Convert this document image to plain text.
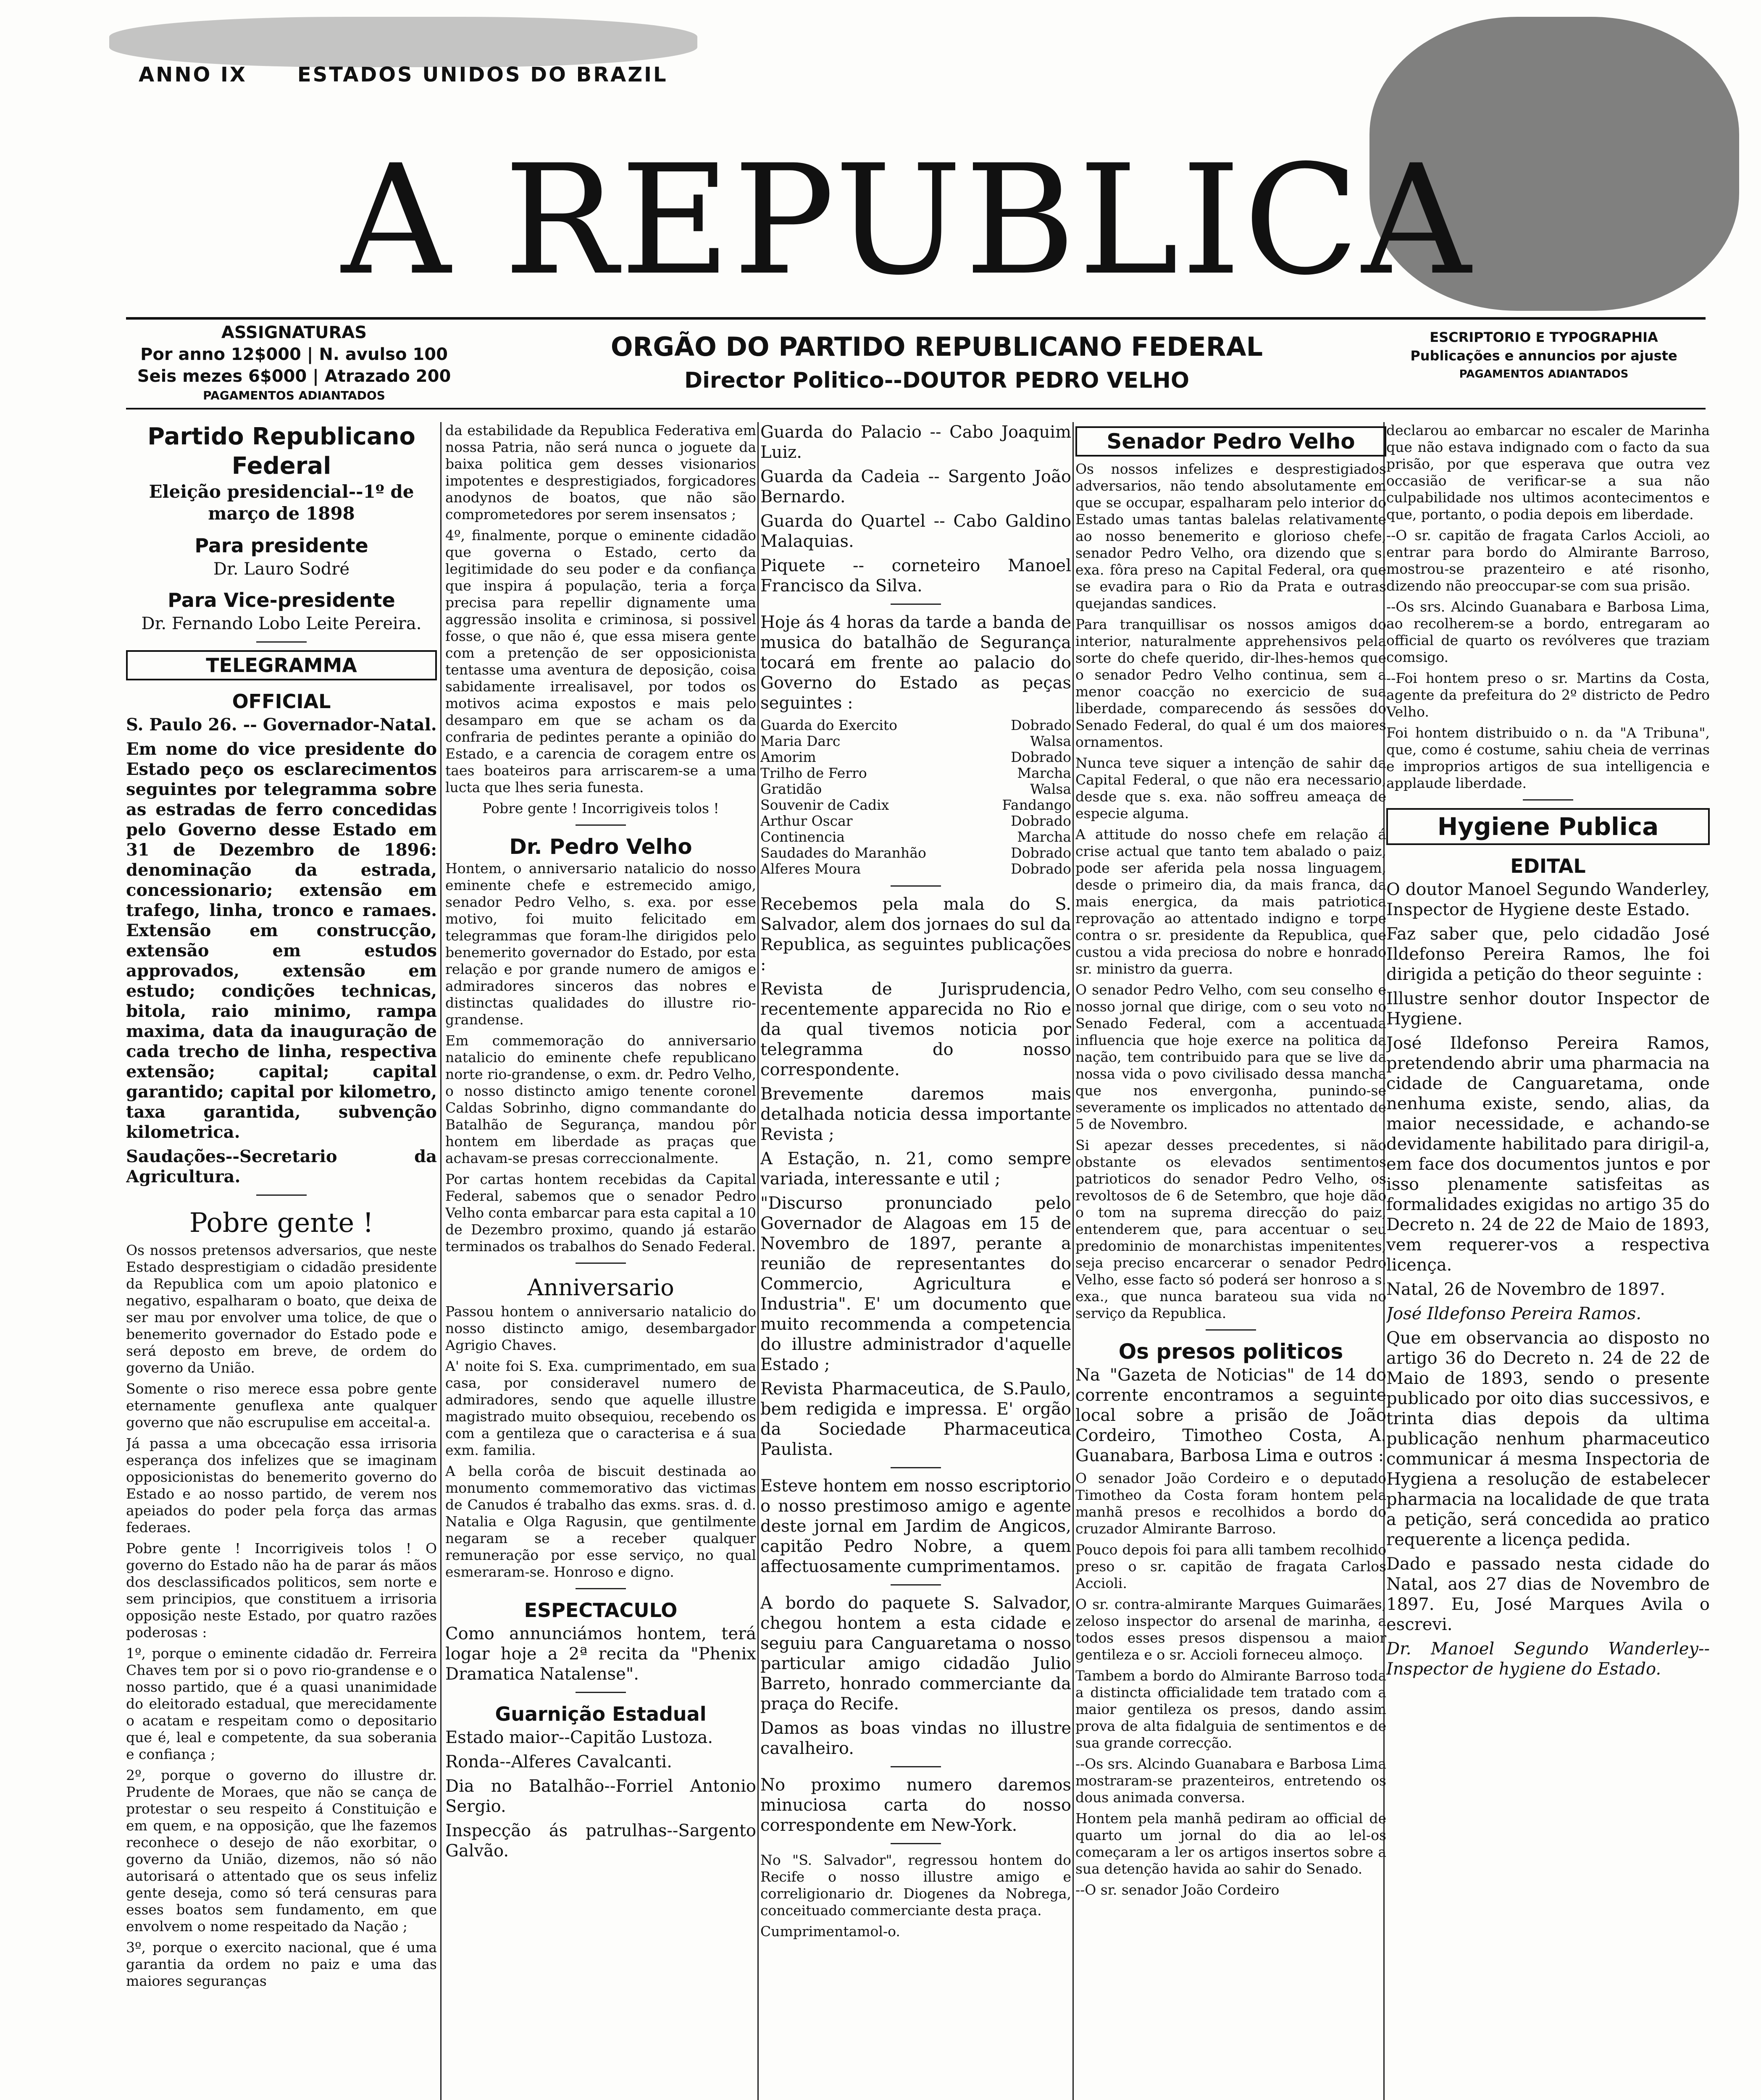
ANNO IX	ESTADOS UNIDOS DO BRAZIL
A REPUBLICA
ASSIGNATURAS
Por anno 12$000 | N. avulso 100
Seis mezes 6$000 | Atrazado 200
PAGAMENTOS ADIANTADOS
ORGÃO DO PARTIDO REPUBLICANO FEDERAL
Director Politico--DOUTOR PEDRO VELHO
ESCRIPTORIO E TYPOGRAPHIA
Publicações e annuncios por ajuste
PAGAMENTOS ADIANTADOS
Partido Republicano Federal
Eleição presidencial--1º de março de 1898
Para presidente
Dr. Lauro Sodré
Para Vice-presidente
Dr. Fernando Lobo Leite Pereira.
TELEGRAMMA
OFFICIAL

S. Paulo 26. -- Governador-Natal.

Em nome do vice presidente do Estado peço os esclarecimentos seguintes por telegramma sobre as estradas de ferro concedidas pelo Governo desse Estado em 31 de Dezembro de 1896: denominação da estrada, concessionario; extensão em trafego, linha, tronco e ramaes. Extensão em construcção, extensão em estudos approvados, extensão em estudo; condições technicas, bitola, raio minimo, rampa maxima, data da inauguração de cada trecho de linha, respectiva extensão; capital; capital garantido; capital por kilometro, taxa garantida, subvenção kilometrica.

Saudações--Secretario da Agricultura.

Pobre gente !

Os nossos pretensos adversarios, que neste Estado desprestigiam o cidadão presidente da Republica com um apoio platonico e negativo, espalharam o boato, que deixa de ser mau por envolver uma tolice, de que o benemerito governador do Estado pode e será deposto em breve, de ordem do governo da União.

Somente o riso merece essa pobre gente eternamente genuflexa ante qualquer governo que não escrupulise em acceital-a.

Já passa a uma obcecação essa irrisoria esperança dos infelizes que se imaginam opposicionistas do benemerito governo do Estado e ao nosso partido, de verem nos apeiados do poder pela força das armas federaes.

Pobre gente ! Incorrigiveis tolos ! O governo do Estado não ha de parar ás mãos dos desclassificados politicos, sem norte e sem principios, que constituem a irrisoria opposição neste Estado, por quatro razões poderosas :

1º, porque o eminente cidadão dr. Ferreira Chaves tem por si o povo rio-grandense e o nosso partido, que é a quasi unanimidade do eleitorado estadual, que merecidamente o acatam e respeitam como o depositario que é, leal e competente, da sua soberania e confiança ;

2º, porque o governo do illustre dr. Prudente de Moraes, que não se cança de protestar o seu respeito á Constituição e em quem, e na opposição, que lhe fazemos reconhece o desejo de não exorbitar, o governo da União, dizemos, não só não autorisará o attentado que os seus infeliz gente deseja, como só terá censuras para esses boatos sem fundamento, em que envolvem o nome respeitado da Nação ;

3º, porque o exercito nacional, que é uma garantia da ordem no paiz e uma das maiores seguranças

da estabilidade da Republica Federativa em nossa Patria, não será nunca o joguete da baixa politica gem desses visionarios impotentes e desprestigiados, forgicadores anodynos de boatos, que não são comprometedores por serem insensatos ;

4º, finalmente, porque o eminente cidadão que governa o Estado, certo da legitimidade do seu poder e da confiança que inspira á população, teria a força precisa para repellir dignamente uma aggressão insolita e criminosa, si possivel fosse, o que não é, que essa misera gente com a pretenção de ser opposicionista tentasse uma aventura de deposição, coisa sabidamente irrealisavel, por todos os motivos acima expostos e mais pelo desamparo em que se acham os da confraria de pedintes perante a opinião do Estado, e a carencia de coragem entre os taes boateiros para arriscarem-se a uma lucta que lhes seria funesta.

Pobre gente ! Incorrigiveis tolos !

Dr. Pedro Velho

Hontem, o anniversario natalicio do nosso eminente chefe e estremecido amigo, senador Pedro Velho, s. exa. por esse motivo, foi muito felicitado em telegrammas que foram-lhe dirigidos pelo benemerito governador do Estado, por esta relação e por grande numero de amigos e admiradores sinceros das nobres e distinctas qualidades do illustre rio-grandense.

Em commemoração do anniversario natalicio do eminente chefe republicano norte rio-grandense, o exm. dr. Pedro Velho, o nosso distincto amigo tenente coronel Caldas Sobrinho, digno commandante do Batalhão de Segurança, mandou pôr hontem em liberdade as praças que achavam-se presas correccionalmente.

Por cartas hontem recebidas da Capital Federal, sabemos que o senador Pedro Velho conta embarcar para esta capital a 10 de Dezembro proximo, quando já estarão terminados os trabalhos do Senado Federal.

Anniversario

Passou hontem o anniversario natalicio do nosso distincto amigo, desembargador Agrigio Chaves.

A' noite foi S. Exa. cumprimentado, em sua casa, por consideravel numero de admiradores, sendo que aquelle illustre magistrado muito obsequiou, recebendo os com a gentileza que o caracterisa e á sua exm. familia.

A bella corôa de biscuit destinada ao monumento commemorativo das victimas de Canudos é trabalho das exms. sras. d. d. Natalia e Olga Ragusin, que gentilmente negaram se a receber qualquer remuneração por esse serviço, no qual esmeraram-se. Honroso e digno.

ESPECTACULO

Como annunciámos hontem, terá logar hoje a 2ª recita da "Phenix Dramatica Natalense".

Guarnição Estadual

Estado maior--Capitão Lustoza.

Ronda--Alferes Cavalcanti.

Dia no Batalhão--Forriel Antonio Sergio.

Inspecção ás patrulhas--Sargento Galvão.

Guarda do Palacio -- Cabo Joaquim Luiz.

Guarda da Cadeia -- Sargento João Bernardo.

Guarda do Quartel -- Cabo Galdino Malaquias.

Piquete -- corneteiro Manoel Francisco da Silva.

Hoje ás 4 horas da tarde a banda de musica do batalhão de Segurança tocará em frente ao palacio do Governo do Estado as peças seguintes :

Guarda do Exercito	Dobrado
Maria Darc	Walsa
Amorim	Dobrado
Trilho de Ferro	Marcha
Gratidão	Walsa
Souvenir de Cadix	Fandango
Arthur Oscar	Dobrado
Continencia	Marcha
Saudades do Maranhão	Dobrado
Alferes Moura	Dobrado

Recebemos pela mala do S. Salvador, alem dos jornaes do sul da Republica, as seguintes publicações :

Revista de Jurisprudencia, recentemente apparecida no Rio e da qual tivemos noticia por telegramma do nosso correspondente.

Brevemente daremos mais detalhada noticia dessa importante Revista ;

A Estação, n. 21, como sempre variada, interessante e util ;

"Discurso pronunciado pelo Governador de Alagoas em 15 de Novembro de 1897, perante a reunião de representantes do Commercio, Agricultura e Industria". E' um documento que muito recommenda a competencia do illustre administrador d'aquelle Estado ;

Revista Pharmaceutica, de S.Paulo, bem redigida e impressa. E' orgão da Sociedade Pharmaceutica Paulista.

Esteve hontem em nosso escriptorio o nosso prestimoso amigo e agente deste jornal em Jardim de Angicos, capitão Pedro Nobre, a quem affectuosamente cumprimentamos.

A bordo do paquete S. Salvador, chegou hontem a esta cidade e seguiu para Canguaretama o nosso particular amigo cidadão Julio Barreto, honrado commerciante da praça do Recife.

Damos as boas vindas no illustre cavalheiro.

No proximo numero daremos minuciosa carta do nosso correspondente em New-York.

No "S. Salvador", regressou hontem do Recife o nosso illustre amigo e correligionario dr. Diogenes da Nobrega, conceituado commerciante desta praça.

Cumprimentamol-o.

Senador Pedro Velho

Os nossos infelizes e desprestigiados adversarios, não tendo absolutamente em que se occupar, espalharam pelo interior do Estado umas tantas balelas relativamente ao nosso benemerito e glorioso chefe, senador Pedro Velho, ora dizendo que s. exa. fôra preso na Capital Federal, ora que se evadira para o Rio da Prata e outras quejandas sandices.

Para tranquillisar os nossos amigos do interior, naturalmente apprehensivos pela sorte do chefe querido, dir-lhes-hemos que o senador Pedro Velho continua, sem a menor coacção no exercicio de sua liberdade, comparecendo ás sessões do Senado Federal, do qual é um dos maiores ornamentos.

Nunca teve siquer a intenção de sahir da Capital Federal, o que não era necessario, desde que s. exa. não soffreu ameaça de especie alguma.

A attitude do nosso chefe em relação á crise actual que tanto tem abalado o paiz, pode ser aferida pela nossa linguagem, desde o primeiro dia, da mais franca, da mais energica, da mais patriotica reprovação ao attentado indigno e torpe contra o sr. presidente da Republica, que custou a vida preciosa do nobre e honrado sr. ministro da guerra.

O senador Pedro Velho, com seu conselho e nosso jornal que dirige, com o seu voto no Senado Federal, com a accentuada influencia que hoje exerce na politica da nação, tem contribuido para que se live da nossa vida o povo civilisado dessa mancha que nos envergonha, punindo-se severamente os implicados no attentado de 5 de Novembro.

Si apezar desses precedentes, si não obstante os elevados sentimentos patrioticos do senador Pedro Velho, os revoltosos de 6 de Setembro, que hoje dão o tom na suprema direcção do paiz, entenderem que, para accentuar o seu predominio de monarchistas impenitentes, seja preciso encarcerar o senador Pedro Velho, esse facto só poderá ser honroso a s. exa., que nunca barateou sua vida no serviço da Republica.

Os presos politicos

Na "Gazeta de Noticias" de 14 do corrente encontramos a seguinte local sobre a prisão de João Cordeiro, Timotheo Costa, A. Guanabara, Barbosa Lima e outros :

O senador João Cordeiro e o deputado Timotheo da Costa foram hontem pela manhã presos e recolhidos a bordo do cruzador Almirante Barroso.

Pouco depois foi para alli tambem recolhido preso o sr. capitão de fragata Carlos Accioli.

O sr. contra-almirante Marques Guimarães, zeloso inspector do arsenal de marinha, a todos esses presos dispensou a maior gentileza e o sr. Accioli forneceu almoço.

Tambem a bordo do Almirante Barroso toda a distincta officialidade tem tratado com a maior gentileza os presos, dando assim prova de alta fidalguia de sentimentos e de sua grande correcção.

--Os srs. Alcindo Guanabara e Barbosa Lima mostraram-se prazenteiros, entretendo os dous animada conversa.

Hontem pela manhã pediram ao official de quarto um jornal do dia ao lel-os começaram a ler os artigos insertos sobre a sua detenção havida ao sahir do Senado.

--O sr. senador João Cordeiro

declarou ao embarcar no escaler de Marinha que não estava indignado com o facto da sua prisão, por que esperava que outra vez occasião de verificar-se a sua não culpabilidade nos ultimos acontecimentos e que, portanto, o podia depois em liberdade.

--O sr. capitão de fragata Carlos Accioli, ao entrar para bordo do Almirante Barroso, mostrou-se prazenteiro e até risonho, dizendo não preoccupar-se com sua prisão.

--Os srs. Alcindo Guanabara e Barbosa Lima, ao recolherem-se a bordo, entregaram ao official de quarto os revólveres que traziam comsigo.

--Foi hontem preso o sr. Martins da Costa, agente da prefeitura do 2º districto de Pedro Velho.

Foi hontem distribuido o n. da "A Tribuna", que, como é costume, sahiu cheia de verrinas e improprios artigos de sua intelligencia e applaude liberdade.

Hygiene Publica
EDITAL

O doutor Manoel Segundo Wanderley, Inspector de Hygiene deste Estado.

Faz saber que, pelo cidadão José Ildefonso Pereira Ramos, lhe foi dirigida a petição do theor seguinte :

Illustre senhor doutor Inspector de Hygiene.

José Ildefonso Pereira Ramos, pretendendo abrir uma pharmacia na cidade de Canguaretama, onde nenhuma existe, sendo, alias, da maior necessidade, e achando-se devidamente habilitado para dirigil-a, em face dos documentos juntos e por isso plenamente satisfeitas as formalidades exigidas no artigo 35 do Decreto n. 24 de 22 de Maio de 1893, vem requerer-vos a respectiva licença.

Natal, 26 de Novembro de 1897.

José Ildefonso Pereira Ramos.

Que em observancia ao disposto no artigo 36 do Decreto n. 24 de 22 de Maio de 1893, sendo o presente publicado por oito dias successivos, e trinta dias depois da ultima publicação nenhum pharmaceutico communicar á mesma Inspectoria de Hygiena a resolução de estabelecer pharmacia na localidade de que trata a petição, será concedida ao pratico requerente a licença pedida.

Dado e passado nesta cidade do Natal, aos 27 dias de Novembro de 1897. Eu, José Marques Avila o escrevi.

Dr. Manoel Segundo Wanderley--Inspector de hygiene do Estado.
